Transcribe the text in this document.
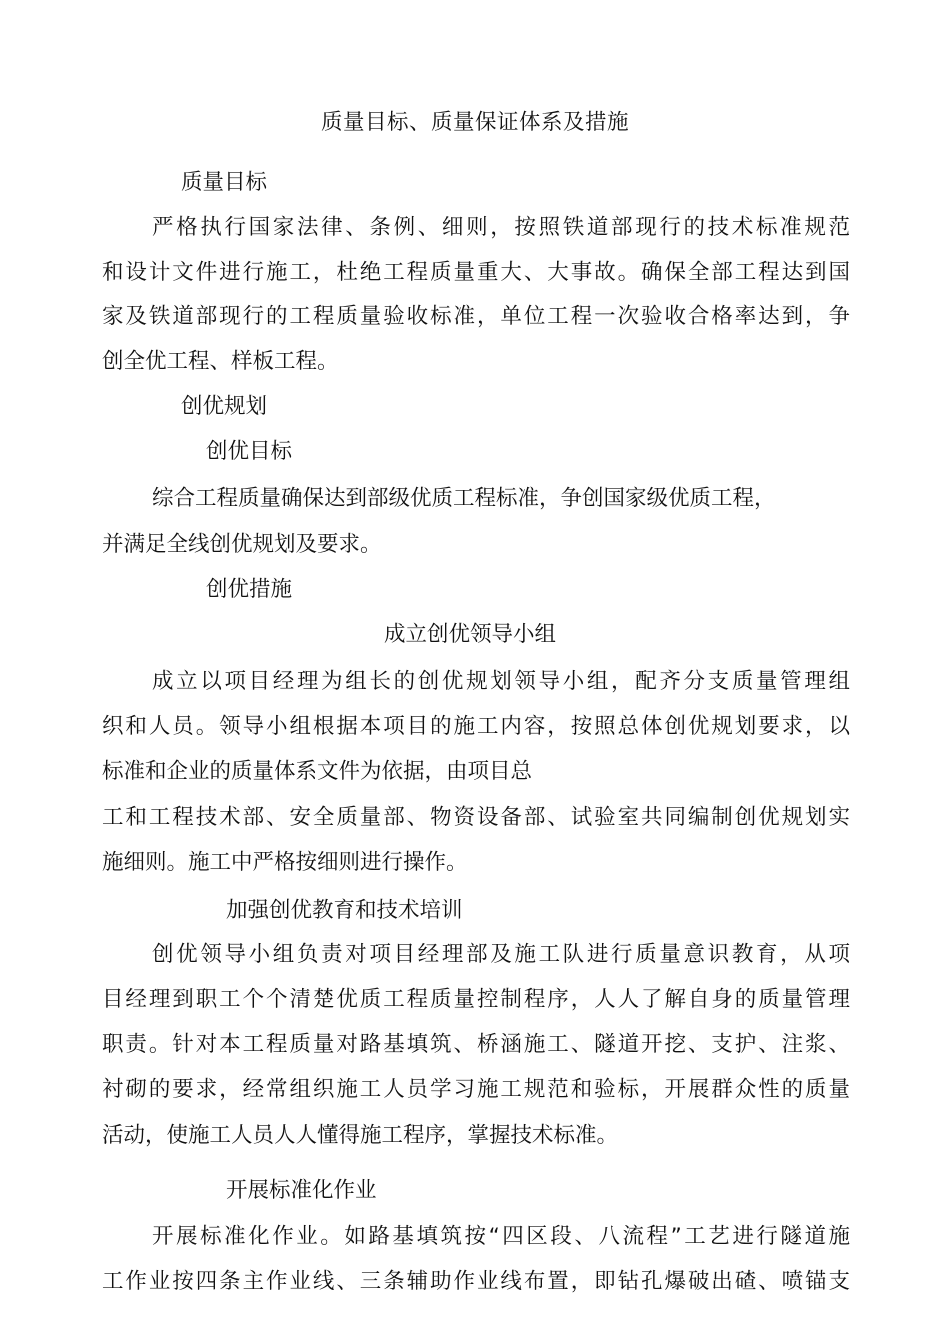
质量目标、质量保证体系及措施
质量目标
严格执行国家法律、条例、细则，按照铁道部现行的技术标准规范
和设计文件进行施工，杜绝工程质量重大、大事故。确保全部工程达到国
家及铁道部现行的工程质量验收标准，单位工程一次验收合格率达到，争
创全优工程、样板工程。
创优规划
创优目标
综合工程质量确保达到部级优质工程标准，争创国家级优质工程，
并满足全线创优规划及要求。
创优措施
成立创优领导小组
成立以项目经理为组长的创优规划领导小组，配齐分支质量管理组
织和人员。领导小组根据本项目的施工内容，按照总体创优规划要求，以
标准和企业的质量体系文件为依据，由项目总
工和工程技术部、安全质量部、物资设备部、试验室共同编制创优规划实
施细则。施工中严格按细则进行操作。
加强创优教育和技术培训
创优领导小组负责对项目经理部及施工队进行质量意识教育，从项
目经理到职工个个清楚优质工程质量控制程序，人人了解自身的质量管理
职责。针对本工程质量对路基填筑、桥涵施工、隧道开挖、支护、注浆、
衬砌的要求，经常组织施工人员学习施工规范和验标，开展群众性的质量
活动，使施工人员人人懂得施工程序，掌握技术标准。
开展标准化作业
开展标准化作业。如路基填筑按“四区段、八流程”工艺进行隧道施
工作业按四条主作业线、三条辅助作业线布置，即钻孔爆破出碴、喷锚支
